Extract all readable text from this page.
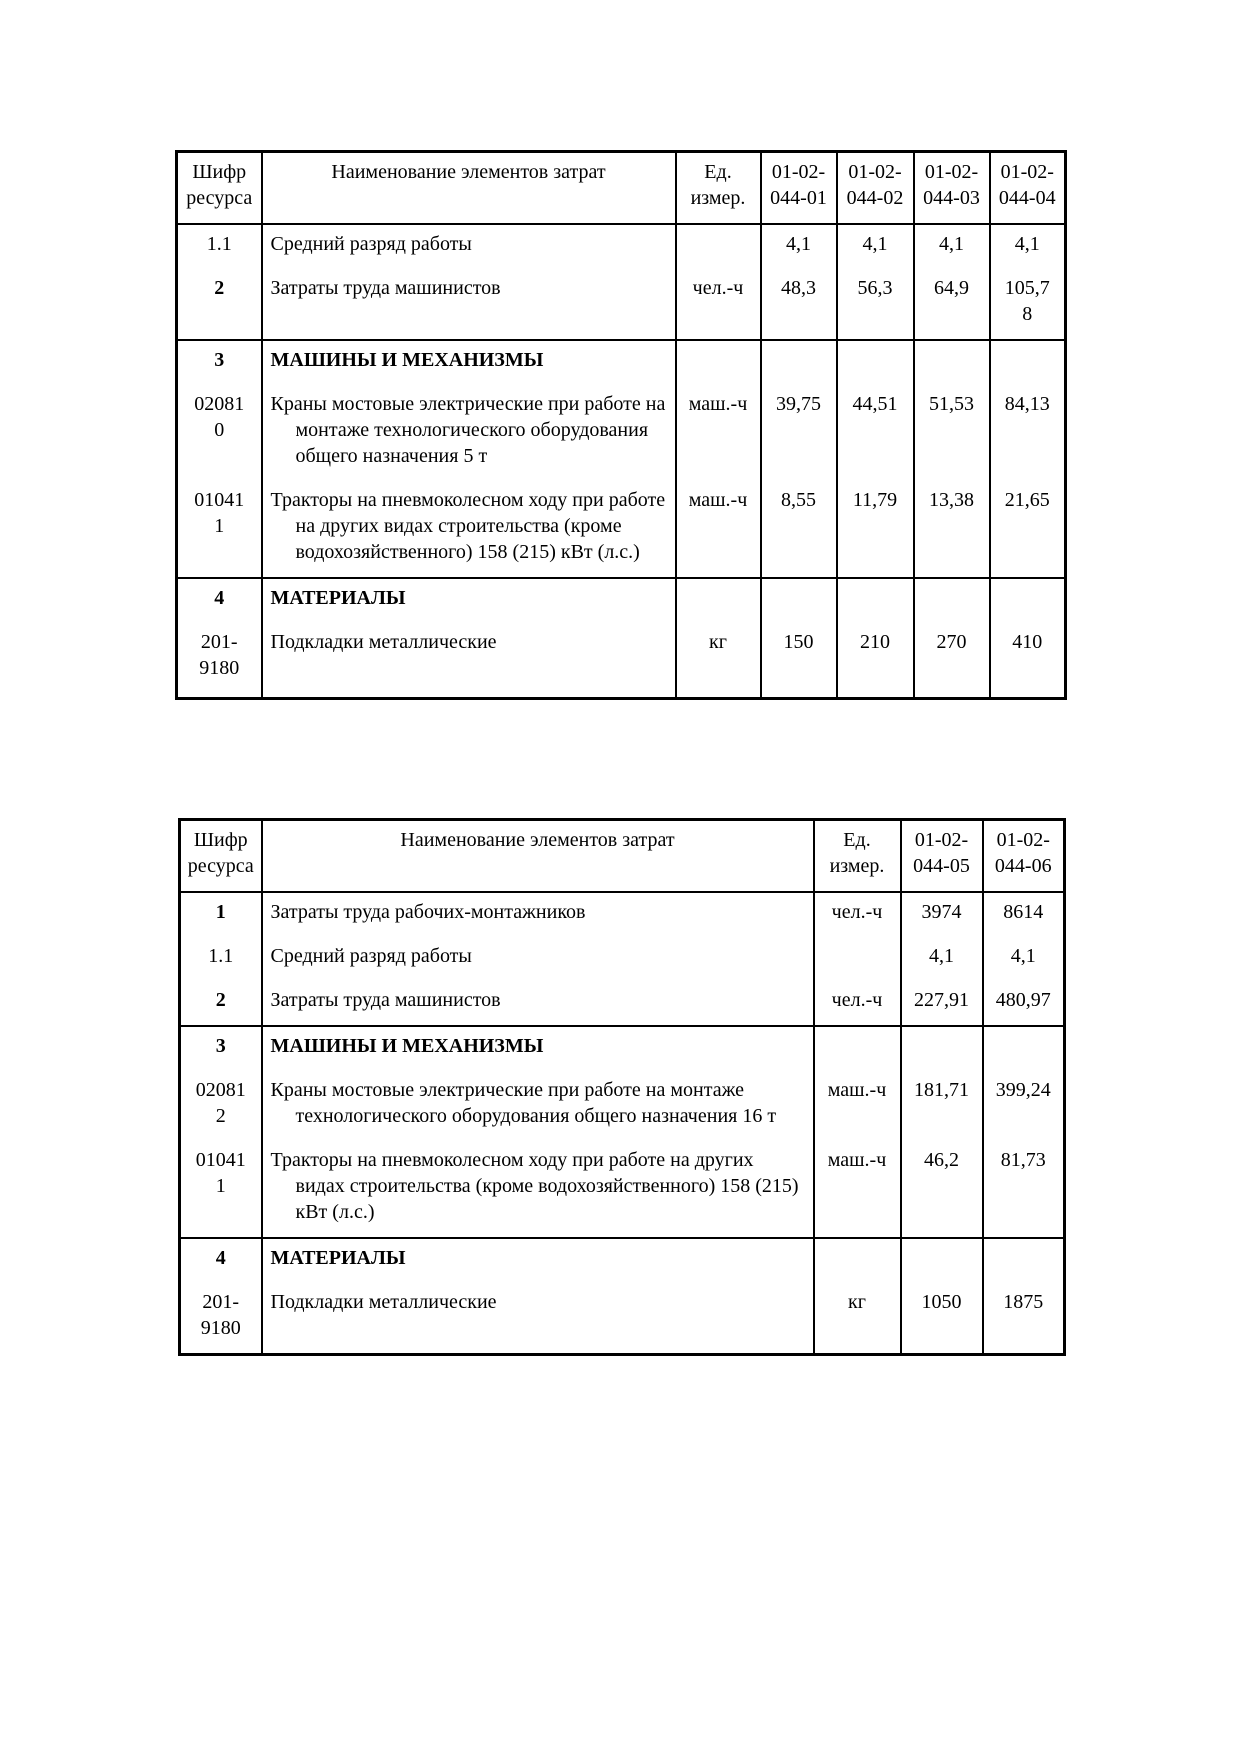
Шифр ресурса	Наименование элементов затрат	Ед. измер.	01-02-044-01	01-02-044-02	01-02-044-03	01-02-044-04
1.1	Средний разряд работы		4,1	4,1	4,1	4,1
2	Затраты труда машинистов	чел.-ч	48,3	56,3	64,9	105,78
3	МАШИНЫ И МЕХАНИЗМЫ					

020810	Краны мостовые электрические при работе на монтаже технологического оборудования общего назначения 5 т	маш.-ч	39,75	44,51	51,53	84,13
010411	Тракторы на пневмоколесном ходу при работе на других видах строительства (кроме водохозяйственного) 158 (215) кВт (л.с.)	маш.-ч	8,55	11,79	13,38	21,65
4	МАТЕРИАЛЫ					

201-9180	Подкладки металлические	кг	150	210	270	410
Шифр ресурса	Наименование элементов затрат	Ед. измер.	01-02-044-05	01-02-044-06
1	Затраты труда рабочих-монтажников	чел.-ч	3974	8614
1.1	Средний разряд работы		4,1	4,1
2	Затраты труда машинистов	чел.-ч	227,91	480,97
3	МАШИНЫ И МЕХАНИЗМЫ			

020812	Краны мостовые электрические при работе на монтаже технологического оборудования общего назначения 16 т	маш.-ч	181,71	399,24
010411	Тракторы на пневмоколесном ходу при работе на других видах строительства (кроме водохозяйственного) 158 (215) кВт (л.с.)	маш.-ч	46,2	81,73
4	МАТЕРИАЛЫ			

201-9180	Подкладки металлические	кг	1050	1875
